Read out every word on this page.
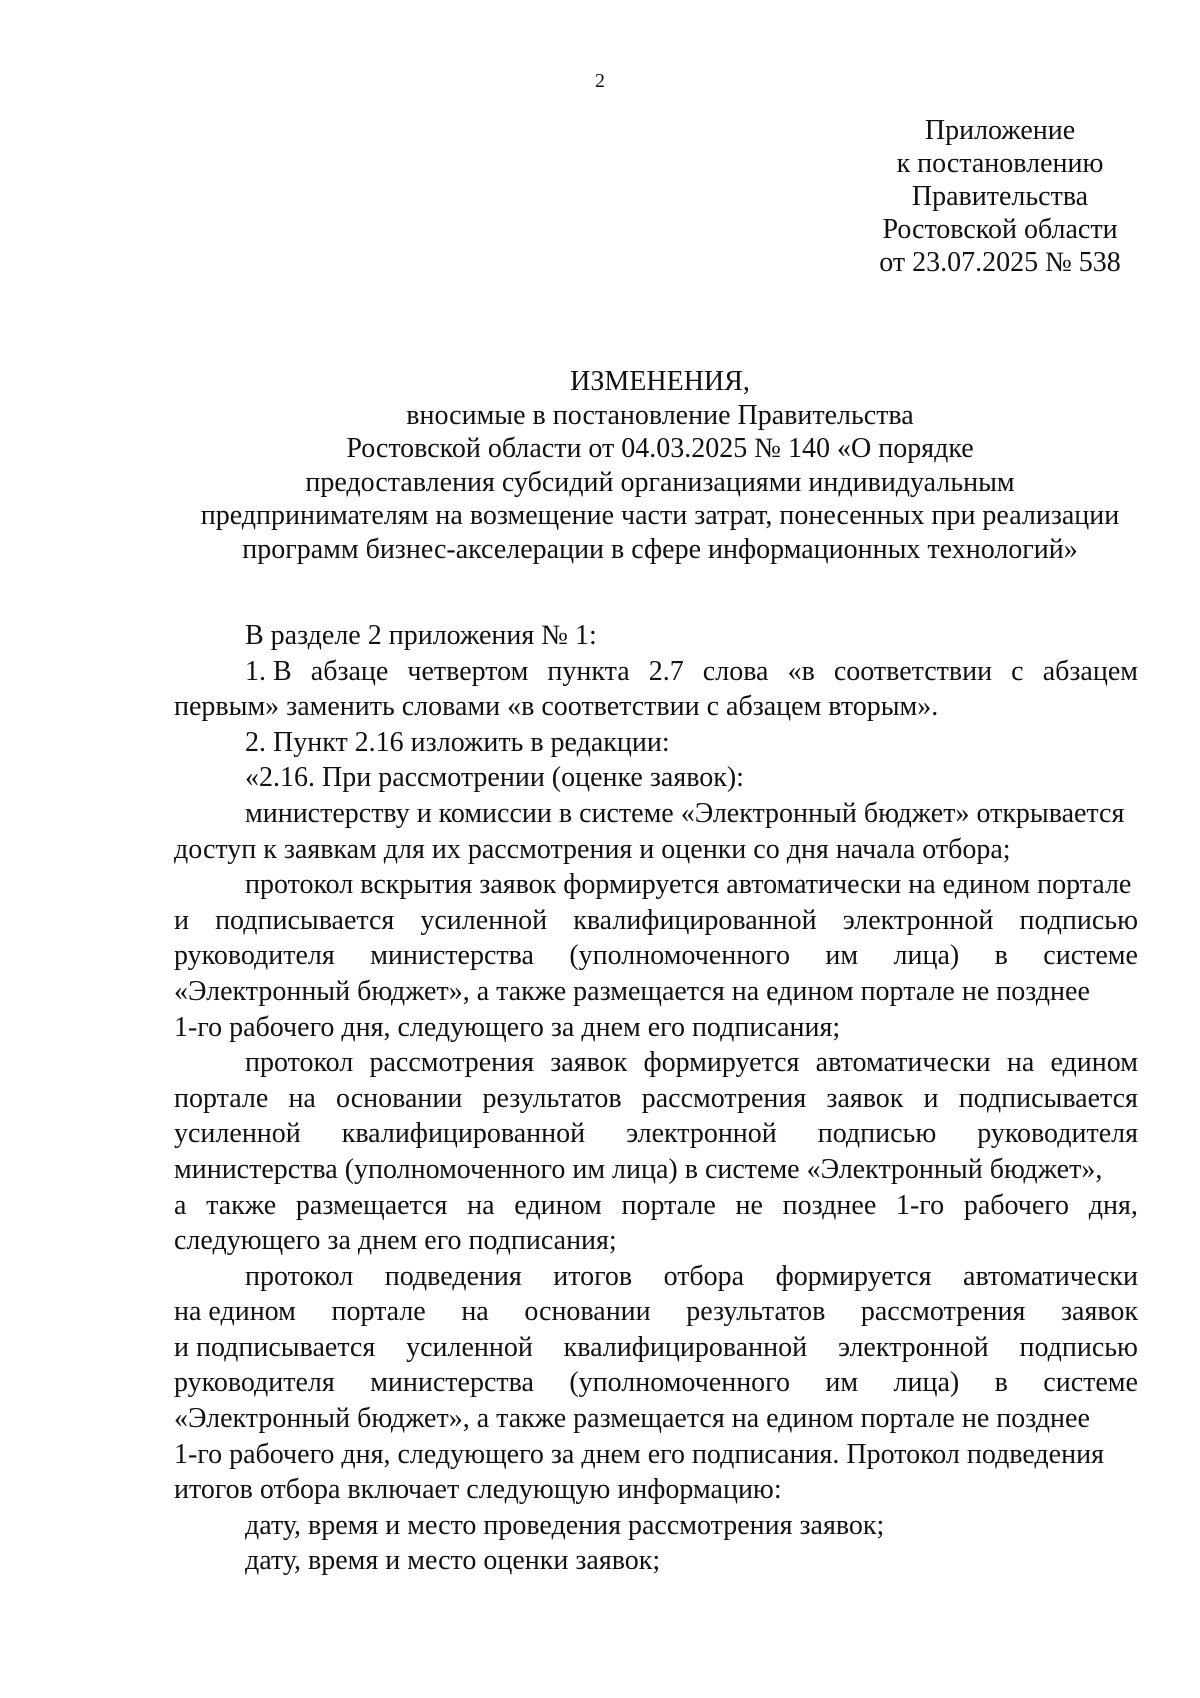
2
Приложение
к постановлению
Правительства
Ростовской области
от 23.07.2025 № 538
ИЗМЕНЕНИЯ,
вносимые в постановление Правительства
Ростовской области от 04.03.2025 № 140 «О порядке
предоставления субсидий организациями индивидуальным
предпринимателям на возмещение части затрат, понесенных при реализации
программ бизнес-акселерации в сфере информационных технологий»
В разделе 2 приложения № 1:
1. В абзаце четвертом пункта 2.7 слова «в соответствии с абзацем
первым» заменить словами «в соответствии с абзацем вторым».
2. Пункт 2.16 изложить в редакции:
«2.16. При рассмотрении (оценке заявок):
министерству и комиссии в системе «Электронный бюджет» открывается
доступ к заявкам для их рассмотрения и оценки со дня начала отбора;
протокол вскрытия заявок формируется автоматически на едином портале
и подписывается усиленной квалифицированной электронной подписью
руководителя министерства (уполномоченного им лица) в системе
«Электронный бюджет», а также размещается на едином портале не позднее
1-го рабочего дня, следующего за днем его подписания;
протокол рассмотрения заявок формируется автоматически на едином
портале на основании результатов рассмотрения заявок и подписывается
усиленной квалифицированной электронной подписью руководителя
министерства (уполномоченного им лица) в системе «Электронный бюджет»,
а также размещается на едином портале не позднее 1-го рабочего дня,
следующего за днем его подписания;
протокол подведения итогов отбора формируется автоматически
на едином портале на основании результатов рассмотрения заявок
и подписывается усиленной квалифицированной электронной подписью
руководителя министерства (уполномоченного им лица) в системе
«Электронный бюджет», а также размещается на едином портале не позднее
1-го рабочего дня, следующего за днем его подписания. Протокол подведения
итогов отбора включает следующую информацию:
дату, время и место проведения рассмотрения заявок;
дату, время и место оценки заявок;
